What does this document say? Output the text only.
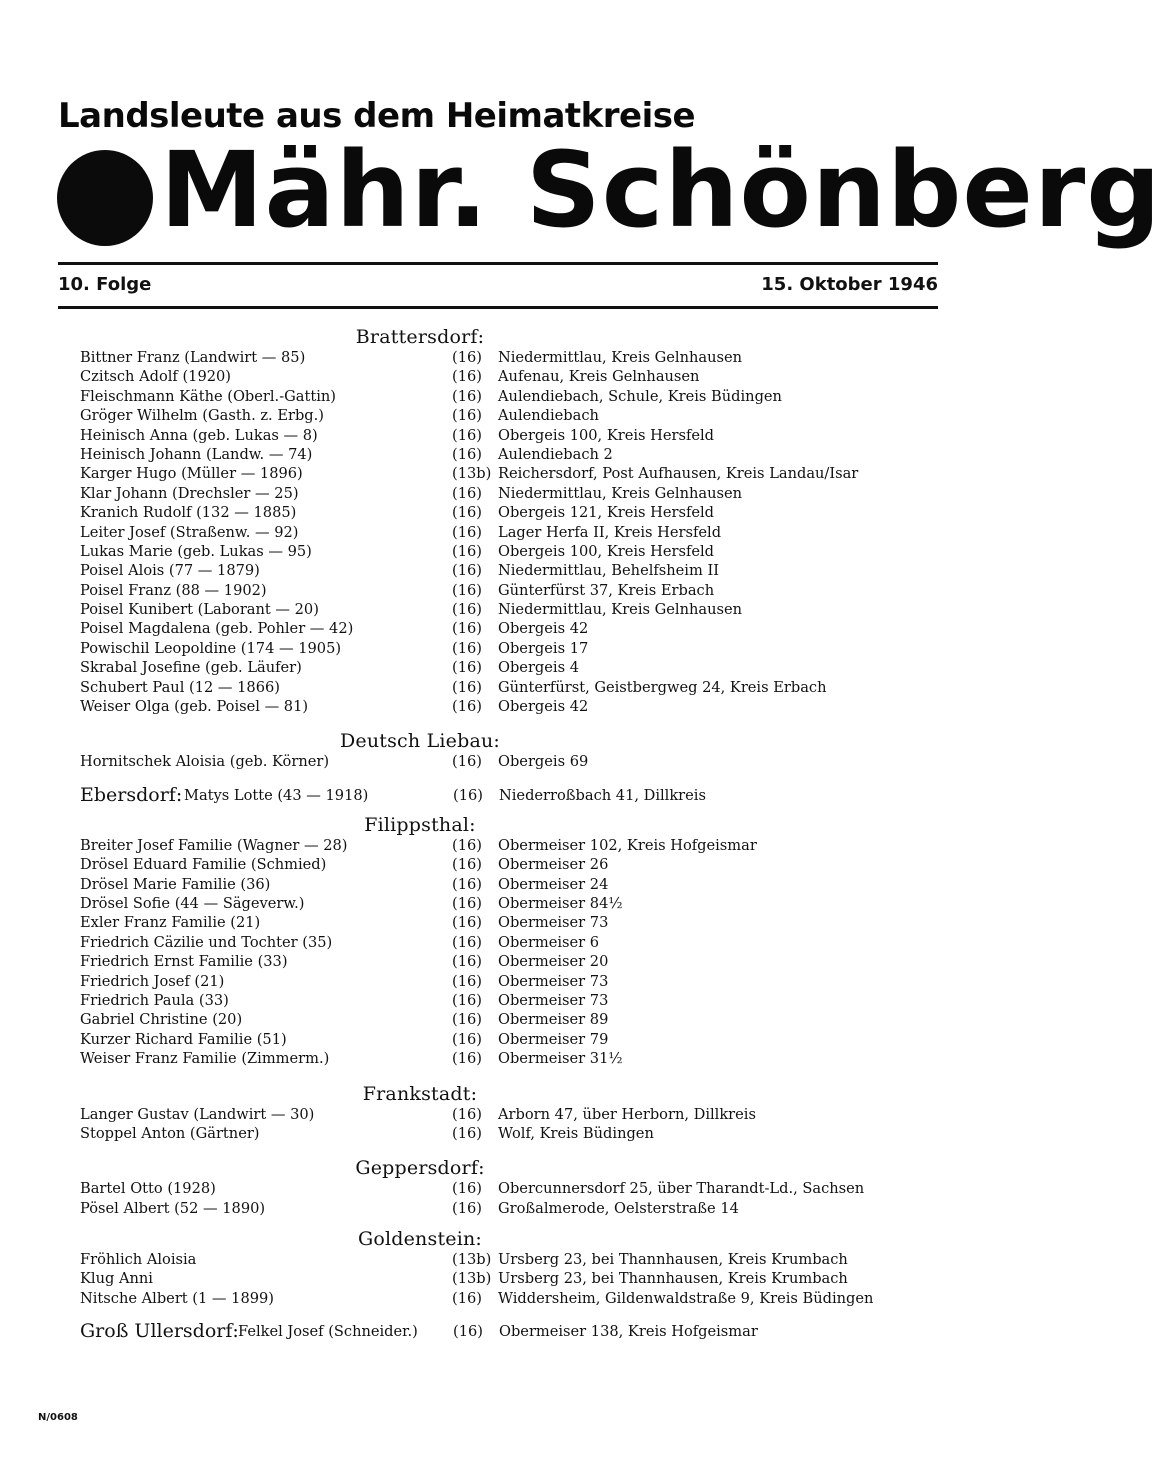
Landsleute aus dem Heimatkreise
Mähr. Schönberg
10. Folge	15. Oktober 1946
Brattersdorf:
Bittner Franz (Landwirt — 85)	(16) Niedermittlau, Kreis Gelnhausen
Czitsch Adolf (1920)	(16) Aufenau, Kreis Gelnhausen
Fleischmann Käthe (Oberl.-Gattin)	(16) Aulendiebach, Schule, Kreis Büdingen
Gröger Wilhelm (Gasth. z. Erbg.)	(16) Aulendiebach
Heinisch Anna (geb. Lukas — 8)	(16) Obergeis 100, Kreis Hersfeld
Heinisch Johann (Landw. — 74)	(16) Aulendiebach 2
Karger Hugo (Müller — 1896)	(13b) Reichersdorf, Post Aufhausen, Kreis Landau/Isar
Klar Johann (Drechsler — 25)	(16) Niedermittlau, Kreis Gelnhausen
Kranich Rudolf (132 — 1885)	(16) Obergeis 121, Kreis Hersfeld
Leiter Josef (Straßenw. — 92)	(16) Lager Herfa II, Kreis Hersfeld
Lukas Marie (geb. Lukas — 95)	(16) Obergeis 100, Kreis Hersfeld
Poisel Alois (77 — 1879)	(16) Niedermittlau, Behelfsheim II
Poisel Franz (88 — 1902)	(16) Günterfürst 37, Kreis Erbach
Poisel Kunibert (Laborant — 20)	(16) Niedermittlau, Kreis Gelnhausen
Poisel Magdalena (geb. Pohler — 42)	(16) Obergeis 42
Powischil Leopoldine (174 — 1905)	(16) Obergeis 17
Skrabal Josefine (geb. Läufer)	(16) Obergeis 4
Schubert Paul (12 — 1866)	(16) Günterfürst, Geistbergweg 24, Kreis Erbach
Weiser Olga (geb. Poisel — 81)	(16) Obergeis 42
Deutsch Liebau:
Hornitschek Aloisia (geb. Körner)	(16) Obergeis 69
Ebersdorf: Matys Lotte (43 — 1918)	(16) Niederroßbach 41, Dillkreis
Filippsthal:
Breiter Josef Familie (Wagner — 28)	(16) Obermeiser 102, Kreis Hofgeismar
Drösel Eduard Familie (Schmied)	(16) Obermeiser 26
Drösel Marie Familie (36)	(16) Obermeiser 24
Drösel Sofie (44 — Sägeverw.)	(16) Obermeiser 84½
Exler Franz Familie (21)	(16) Obermeiser 73
Friedrich Cäzilie und Tochter (35)	(16) Obermeiser 6
Friedrich Ernst Familie (33)	(16) Obermeiser 20
Friedrich Josef (21)	(16) Obermeiser 73
Friedrich Paula (33)	(16) Obermeiser 73
Gabriel Christine (20)	(16) Obermeiser 89
Kurzer Richard Familie (51)	(16) Obermeiser 79
Weiser Franz Familie (Zimmerm.)	(16) Obermeiser 31½
Frankstadt:
Langer Gustav (Landwirt — 30)	(16) Arborn 47, über Herborn, Dillkreis
Stoppel Anton (Gärtner)	(16) Wolf, Kreis Büdingen
Geppersdorf:
Bartel Otto (1928)	(16) Obercunnersdorf 25, über Tharandt-Ld., Sachsen
Pösel Albert (52 — 1890)	(16) Großalmerode, Oelsterstraße 14
Goldenstein:
Fröhlich Aloisia	(13b) Ursberg 23, bei Thannhausen, Kreis Krumbach
Klug Anni	(13b) Ursberg 23, bei Thannhausen, Kreis Krumbach
Nitsche Albert (1 — 1899)	(16) Widdersheim, Gildenwaldstraße 9, Kreis Büdingen
Groß Ullersdorf: Felkel Josef (Schneider.) (16) Obermeiser 138, Kreis Hofgeismar
N/0608
